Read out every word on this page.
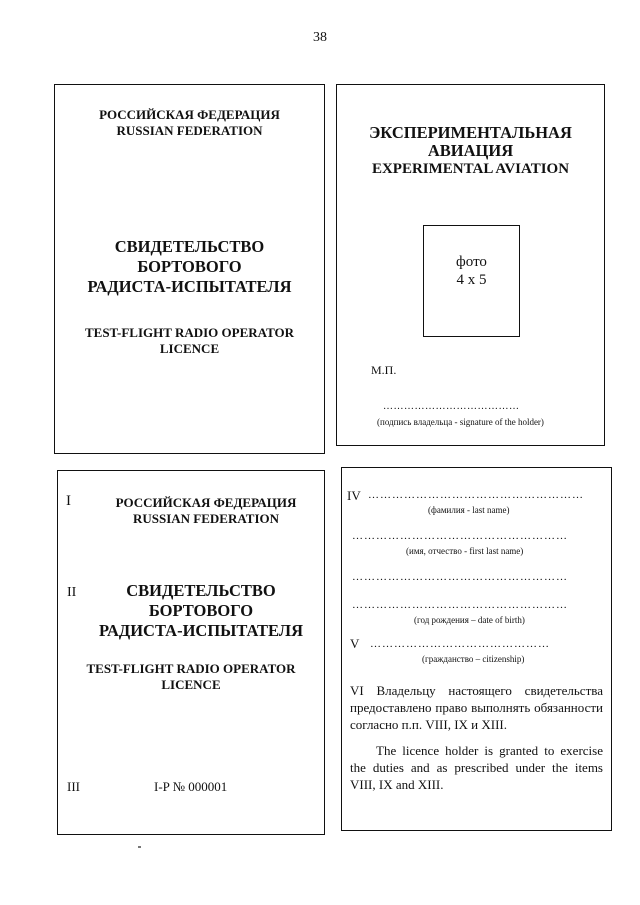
38
РОССИЙСКАЯ ФЕДЕРАЦИЯ
RUSSIAN FEDERATION
СВИДЕТЕЛЬСТВО
БОРТОВОГО
РАДИСТА-ИСПЫТАТЕЛЯ
TEST-FLIGHT RADIO OPERATOR
LICENCE
ЭКСПЕРИМЕНТАЛЬНАЯ
АВИАЦИЯ
EXPERIMENTAL AVIATION
фото
4 x 5
М.П.
…………………………………
(подпись владельца - signature of the holder)
I	РОССИЙСКАЯ ФЕДЕРАЦИЯ
RUSSIAN FEDERATION
II	СВИДЕТЕЛЬСТВО
БОРТОВОГО
РАДИСТА-ИСПЫТАТЕЛЯ
TEST-FLIGHT RADIO OPERATOR
LICENCE
III	I-P № 000001
IV ………………………………………………
(фамилия - last name)
………………………………………………
(имя, отчество - first last name)
………………………………………………
………………………………………………
(год рождения – date of birth)
V ………………………………………
(гражданство – citizenship)
VI Владельцу настоящего свидетельства предоставлено право выполнять обязанности согласно п.п. VIII, IX и XIII.
The licence holder is granted to exercise the duties and as prescribed under the items VIII, IX and XIII.
